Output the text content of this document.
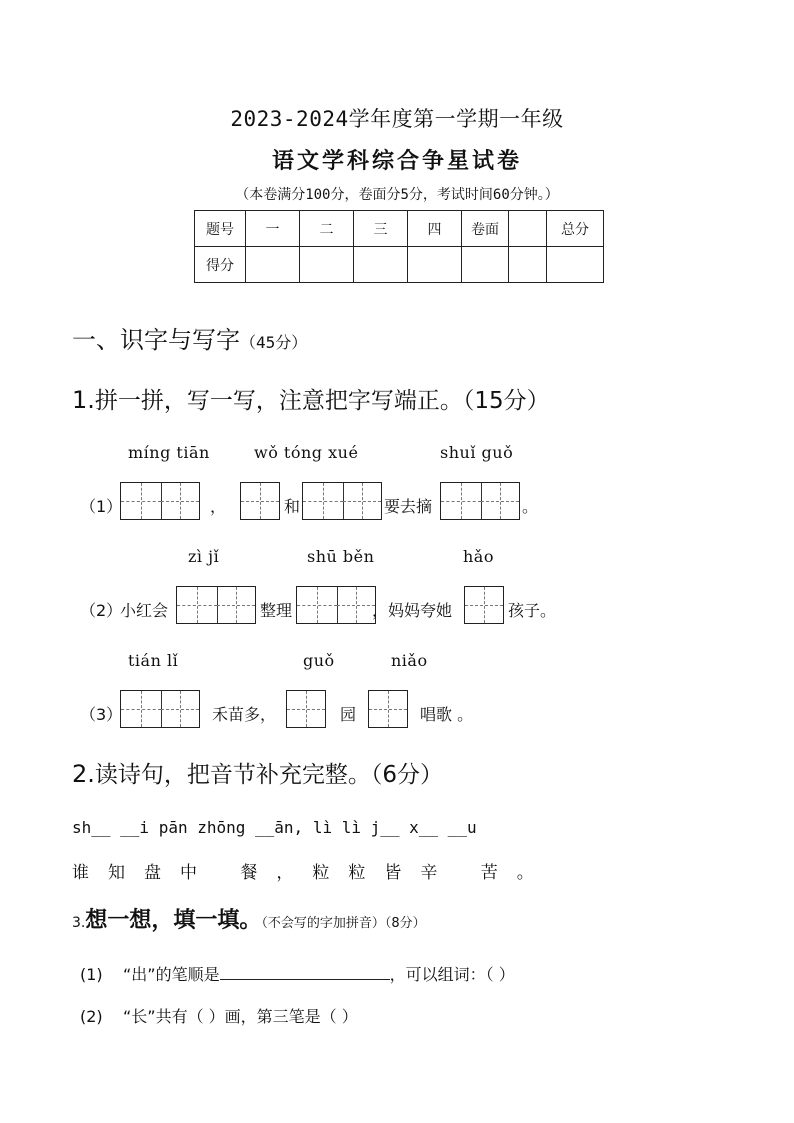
2023-2024学年度第一学期一年级
语文学科综合争星试卷
（本卷满分100分，卷面分5分，考试时间60分钟。）
题号	一	二	三	四	卷面		总分
得分							
一、识字与写字（45分）
1.拼一拼，写一写，注意把字写端正。（15分）
míng tiān	wǒ tóng xué	shuǐ guǒ
（1）	，	和	要去摘	。
zì jǐ	shū běn	hǎo
（2）
小红会	整理	，妈妈夸她	孩子。
tián lǐ	guǒ	niǎo
（3）	禾苗多，	园	唱歌 。
2.读诗句，把音节补充完整。（6分）
sh__ __i pān zhōng __ān, lì lì j__ x__ __u
谁知盘中 餐，粒粒皆辛 苦。
3.想一想，填一填。（不会写的字加拼音）（8分）
(1) “出”的笔顺是	，可以组词：（ ）
(2) “长”共有（ ）画，第三笔是（ ）
